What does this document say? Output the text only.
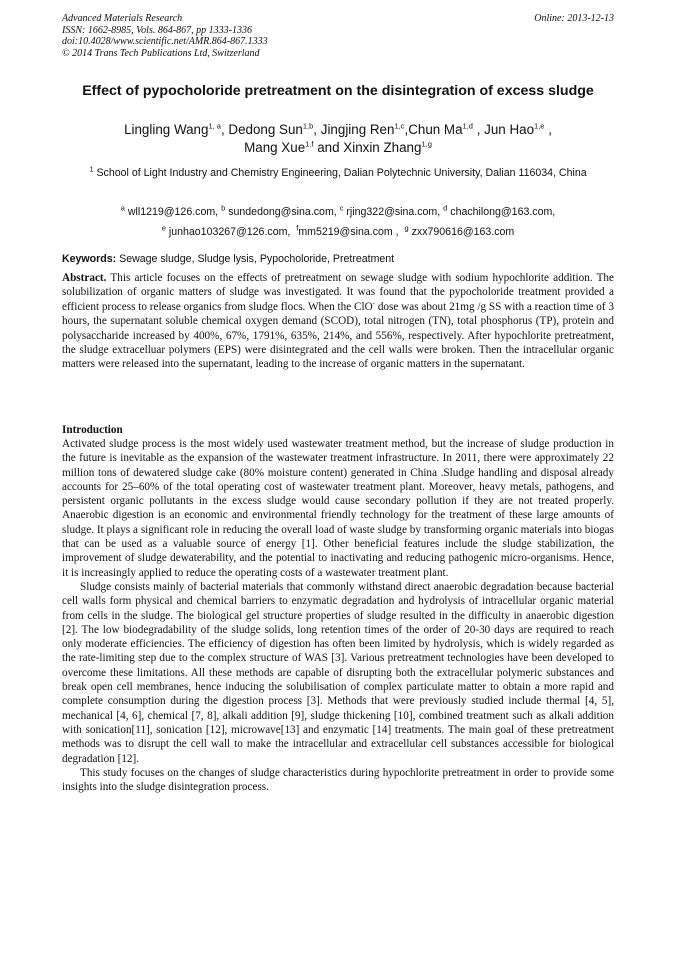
Advanced Materials Research
ISSN: 1662-8985, Vols. 864-867, pp 1333-1336
doi:10.4028/www.scientific.net/AMR.864-867.1333
© 2014 Trans Tech Publications Ltd, Switzerland
Online: 2013-12-13
Effect of pypocholoride pretreatment on the disintegration of excess sludge
Lingling Wang$^{1, a}$, Dedong Sun$^{1,b}$, Jingjing Ren$^{1,c}$,Chun Ma$^{1,d}$ , Jun Hao$^{1,e}$ ,
Mang Xue$^{1,f}$ and Xinxin Zhang$^{1,g}$
$^1$ School of Light Industry and Chemistry Engineering, Dalian Polytechnic University, Dalian 116034, China
$^a$ wll1219@126.com, $^b$ sundedong@sina.com, $^c$ rjing322@sina.com, $^d$ chachilong@163.com,
$^e$ junhao103267@126.com, $^f$mm5219@sina.com , $^g$ zxx790616@163.com
Keywords: Sewage sludge, Sludge lysis, Pypocholoride, Pretreatment
Abstract. This article focuses on the effects of pretreatment on sewage sludge with sodium hypochlorite addition. The solubilization of organic matters of sludge was investigated. It was found that the pypocholoride treatment provided a efficient process to release organics from sludge flocs. When the ClO- dose was about 21mg /g SS with a reaction time of 3 hours, the supernatant soluble chemical oxygen demand (SCOD), total nitrogen (TN), total phosphorus (TP), protein and polysaccharide increased by 400%, 67%, 1791%, 635%, 214%, and 556%, respectively. After hypochlorite pretreatment, the sludge extracelluar polymers (EPS) were disintegrated and the cell walls were broken. Then the intracellular organic matters were released into the supernatant, leading to the increase of organic matters in the supernatant.
Introduction

Activated sludge process is the most widely used wastewater treatment method, but the increase of sludge production in the future is inevitable as the expansion of the wastewater treatment infrastructure. In 2011, there were approximately 22 million tons of dewatered sludge cake (80% moisture content) generated in China .Sludge handling and disposal already accounts for 25–60% of the total operating cost of wastewater treatment plant. Moreover, heavy metals, pathogens, and persistent organic pollutants in the excess sludge would cause secondary pollution if they are not treated properly. Anaerobic digestion is an economic and environmental friendly technology for the treatment of these large amounts of sludge. It plays a significant role in reducing the overall load of waste sludge by transforming organic materials into biogas that can be used as a valuable source of energy [1]. Other beneficial features include the sludge stabilization, the improvement of sludge dewaterability, and the potential to inactivating and reducing pathogenic micro-organisms. Hence, it is increasingly applied to reduce the operating costs of a wastewater treatment plant.

Sludge consists mainly of bacterial materials that commonly withstand direct anaerobic degradation because bacterial cell walls form physical and chemical barriers to enzymatic degradation and hydrolysis of intracellular organic material from cells in the sludge. The biological gel structure properties of sludge resulted in the difficulty in anaerobic digestion [2]. The low biodegradability of the sludge solids, long retention times of the order of 20-30 days are required to reach only moderate efficiencies. The efficiency of digestion has often been limited by hydrolysis, which is widely regarded as the rate-limiting step due to the complex structure of WAS [3]. Various pretreatment technologies have been developed to overcome these limitations. All these methods are capable of disrupting both the extracellular polymeric substances and break open cell membranes, hence inducing the solubilisation of complex particulate matter to obtain a more rapid and complete consumption during the digestion process [3]. Methods that were previously studied include thermal [4, 5], mechanical [4, 6], chemical [7, 8], alkali addition [9], sludge thickening [10], combined treatment such as alkali addition with sonication[11], sonication [12], microwave[13] and enzymatic [14] treatments. The main goal of these pretreatment methods was to disrupt the cell wall to make the intracellular and extracellular cell substances accessible for biological degradation [12].

This study focuses on the changes of sludge characteristics during hypochlorite pretreatment in order to provide some insights into the sludge disintegration process.
